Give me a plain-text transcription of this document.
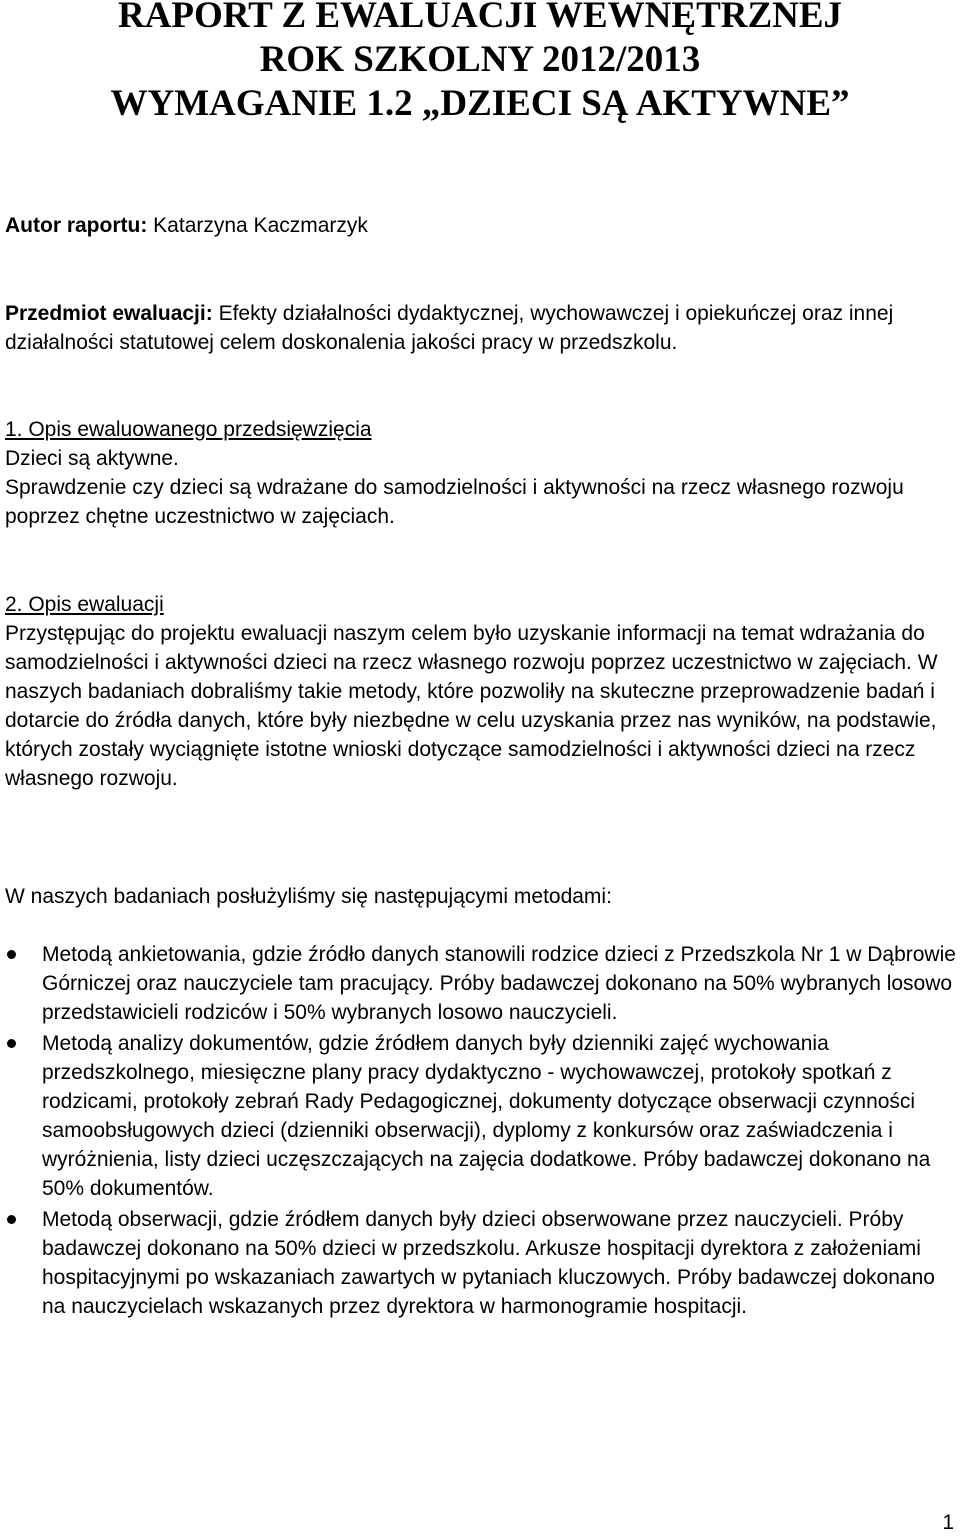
RAPORT Z EWALUACJI WEWNĘTRZNEJ
ROK SZKOLNY 2012/2013
WYMAGANIE 1.2 „DZIECI SĄ AKTYWNE”

Autor raportu: Katarzyna Kaczmarzyk

Przedmiot ewaluacji: Efekty działalności dydaktycznej, wychowawczej i opiekuńczej oraz innej działalności statutowej celem doskonalenia jakości pracy w przedszkolu.

1. Opis ewaluowanego przedsięwzięcia

Dzieci są aktywne.

Sprawdzenie czy dzieci są wdrażane do samodzielności i aktywności na rzecz własnego rozwoju poprzez chętne uczestnictwo w zajęciach.

2. Opis ewaluacji

Przystępując do projektu ewaluacji naszym celem było uzyskanie informacji na temat wdrażania do samodzielności i aktywności dzieci na rzecz własnego rozwoju poprzez uczestnictwo w zajęciach. W naszych badaniach dobraliśmy takie metody, które pozwoliły na skuteczne przeprowadzenie badań i dotarcie do źródła danych, które były niezbędne w celu uzyskania przez nas wyników, na podstawie, których zostały wyciągnięte istotne wnioski dotyczące samodzielności i aktywności dzieci na rzecz własnego rozwoju.

W naszych badaniach posłużyliśmy się następującymi metodami:

Metodą ankietowania, gdzie źródło danych stanowili rodzice dzieci z Przedszkola Nr 1 w Dąbrowie Górniczej oraz nauczyciele tam pracujący. Próby badawczej dokonano na 50% wybranych losowo przedstawicieli rodziców i 50% wybranych losowo nauczycieli.
Metodą analizy dokumentów, gdzie źródłem danych były dzienniki zajęć wychowania przedszkolnego, miesięczne plany pracy dydaktyczno - wychowawczej, protokoły spotkań z rodzicami, protokoły zebrań Rady Pedagogicznej, dokumenty dotyczące obserwacji czynności samoobsługowych dzieci (dzienniki obserwacji), dyplomy z konkursów oraz zaświadczenia i wyróżnienia, listy dzieci uczęszczających na zajęcia dodatkowe. Próby badawczej dokonano na 50% dokumentów.
Metodą obserwacji, gdzie źródłem danych były dzieci obserwowane przez nauczycieli. Próby badawczej dokonano na 50% dzieci w przedszkolu. Arkusze hospitacji dyrektora z założeniami hospitacyjnymi po wskazaniach zawartych w pytaniach kluczowych. Próby badawczej dokonano na nauczycielach wskazanych przez dyrektora w harmonogramie hospitacji.
1
